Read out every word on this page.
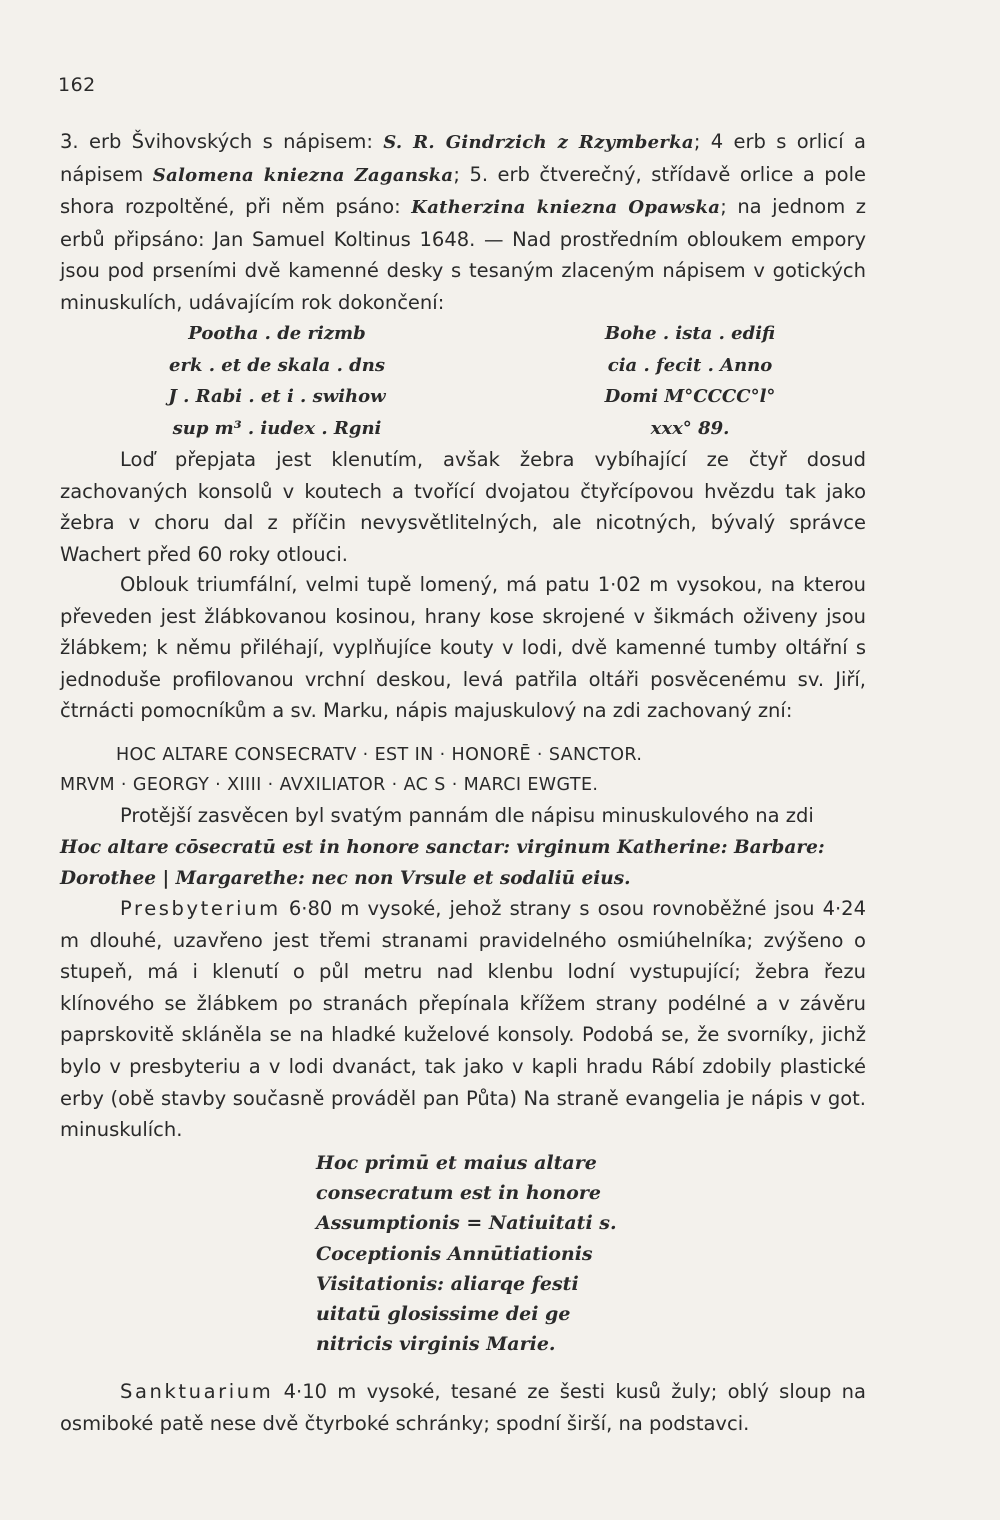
162

3. erb Švihovských s nápisem: S. R. Gindrzich z Rzymberka; 4 erb s orlicí a nápisem Salomena kniezna Zaganska; 5. erb čtverečný, střídavě orlice a pole shora rozpoltěné, při něm psáno: Katherzina kniezna Opawska; na jednom z erbů připsáno: Jan Samuel Koltinus 1648. — Nad prostředním obloukem empory jsou pod prseními dvě kamenné desky s tesaným zlaceným nápisem v gotických minuskulích, udávajícím rok dokončení:

Pootha . de rizmb
erk . et de skala . dns
J . Rabi . et i . swihow
sup m³ . iudex . Rgni
Bohe . ista . edifi
cia . fecit . Anno
Domi M°CCCC°l°
xxx° 89.

Loď přepjata jest klenutím, avšak žebra vybíhající ze čtyř dosud zachovaných konsolů v koutech a tvořící dvojatou čtyřcípovou hvězdu tak jako žebra v choru dal z příčin nevysvětlitelných, ale nicotných, bývalý správce Wachert před 60 roky otlouci.

Oblouk triumfální, velmi tupě lomený, má patu 1·02 m vysokou, na kterou převeden jest žlábkovanou kosinou, hrany kose skrojené v šikmách oživeny jsou žlábkem; k němu přiléhají, vyplňujíce kouty v lodi, dvě kamenné tumby oltářní s jednoduše profilovanou vrchní deskou, levá patřila oltáři posvěcenému sv. Jiří, čtrnácti pomocníkům a sv. Marku, nápis majuskulový na zdi zachovaný zní:

HOC ALTARE CONSECRATV · EST IN · HONORĒ · SANCTOR.
MRVM · GEORGY · XIIII · AVXILIATOR · AC S · MARCI EWGTE.
Protější zasvěcen byl svatým pannám dle nápisu minuskulového na zdi
Hoc altare cōsecratū est in honore sanctar: virginum Katherine: Barbare:
Dorothee | Margarethe: nec non Vrsule et sodaliū eius.

Presbyterium 6·80 m vysoké, jehož strany s osou rovnoběžné jsou 4·24 m dlouhé, uzavřeno jest třemi stranami pravidelného osmiúhelníka; zvýšeno o stupeň, má i klenutí o půl metru nad klenbu lodní vystupující; žebra řezu klínového se žlábkem po stranách přepínala křížem strany podélné a v závěru paprskovitě skláněla se na hladké kuželové konsoly. Podobá se, že svorníky, jichž bylo v presbyteriu a v lodi dvanáct, tak jako v kapli hradu Rábí zdobily plastické erby (obě stavby současně prováděl pan Půta) Na straně evangelia je nápis v got. minuskulích.

Hoc primū et maius altare
consecratum est in honore
Assumptionis = Natiuitati s.
Coceptionis Annūtiationis
Visitationis: aliarqe festi
uitatū glosissime dei ge
nitricis virginis Marie.

Sanktuarium 4·10 m vysoké, tesané ze šesti kusů žuly; oblý sloup na osmiboké patě nese dvě čtyrboké schránky; spodní širší, na podstavci.
